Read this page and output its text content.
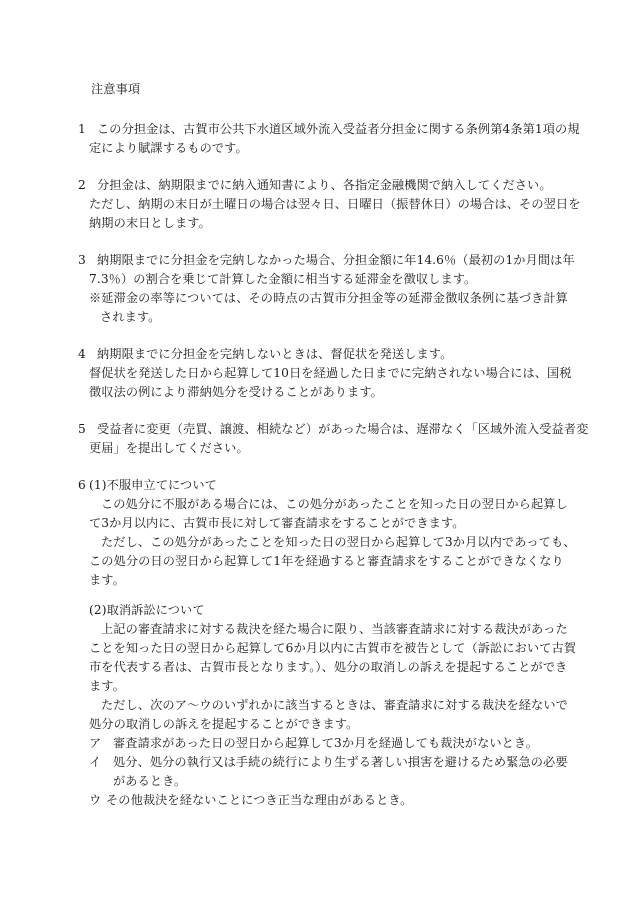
注意事項
1 この分担金は、古賀市公共下水道区域外流入受益者分担金に関する条例第4条第1項の規
定により賦課するものです。
2 分担金は、納期限までに納入通知書により、各指定金融機関で納入してください。
ただし、納期の末日が土曜日の場合は翌々日、日曜日（振替休日）の場合は、その翌日を
納期の末日とします。
3 納期限までに分担金を完納しなかった場合、分担金額に年14.6％（最初の1か月間は年
7.3％）の割合を乗じて計算した金額に相当する延滞金を徴収します。
※延滞金の率等については、その時点の古賀市分担金等の延滞金徴収条例に基づき計算
されます。
4 納期限までに分担金を完納しないときは、督促状を発送します。
督促状を発送した日から起算して10日を経過した日までに完納されない場合には、国税
徴収法の例により滞納処分を受けることがあります。
5 受益者に変更（売買、譲渡、相続など）があった場合は、遅滞なく「区域外流入受益者変
更届」を提出してください。
6 (1)不服申立てについて
この処分に不服がある場合には、この処分があったことを知った日の翌日から起算し
て3か月以内に、古賀市長に対して審査請求をすることができます。
ただし、この処分があったことを知った日の翌日から起算して3か月以内であっても、
この処分の日の翌日から起算して1年を経過すると審査請求をすることができなくなり
ます。
(2)取消訴訟について
上記の審査請求に対する裁決を経た場合に限り、当該審査請求に対する裁決があった
ことを知った日の翌日から起算して6か月以内に古賀市を被告として（訴訟において古賀
市を代表する者は、古賀市長となります。）、処分の取消しの訴えを提起することができ
ます。
ただし、次のア～ウのいずれかに該当するときは、審査請求に対する裁決を経ないで
処分の取消しの訴えを提起することができます。
ア 審査請求があった日の翌日から起算して3か月を経過しても裁決がないとき。
イ 処分、処分の執行又は手続の続行により生ずる著しい損害を避けるため緊急の必要
があるとき。
ウ その他裁決を経ないことにつき正当な理由があるとき。
